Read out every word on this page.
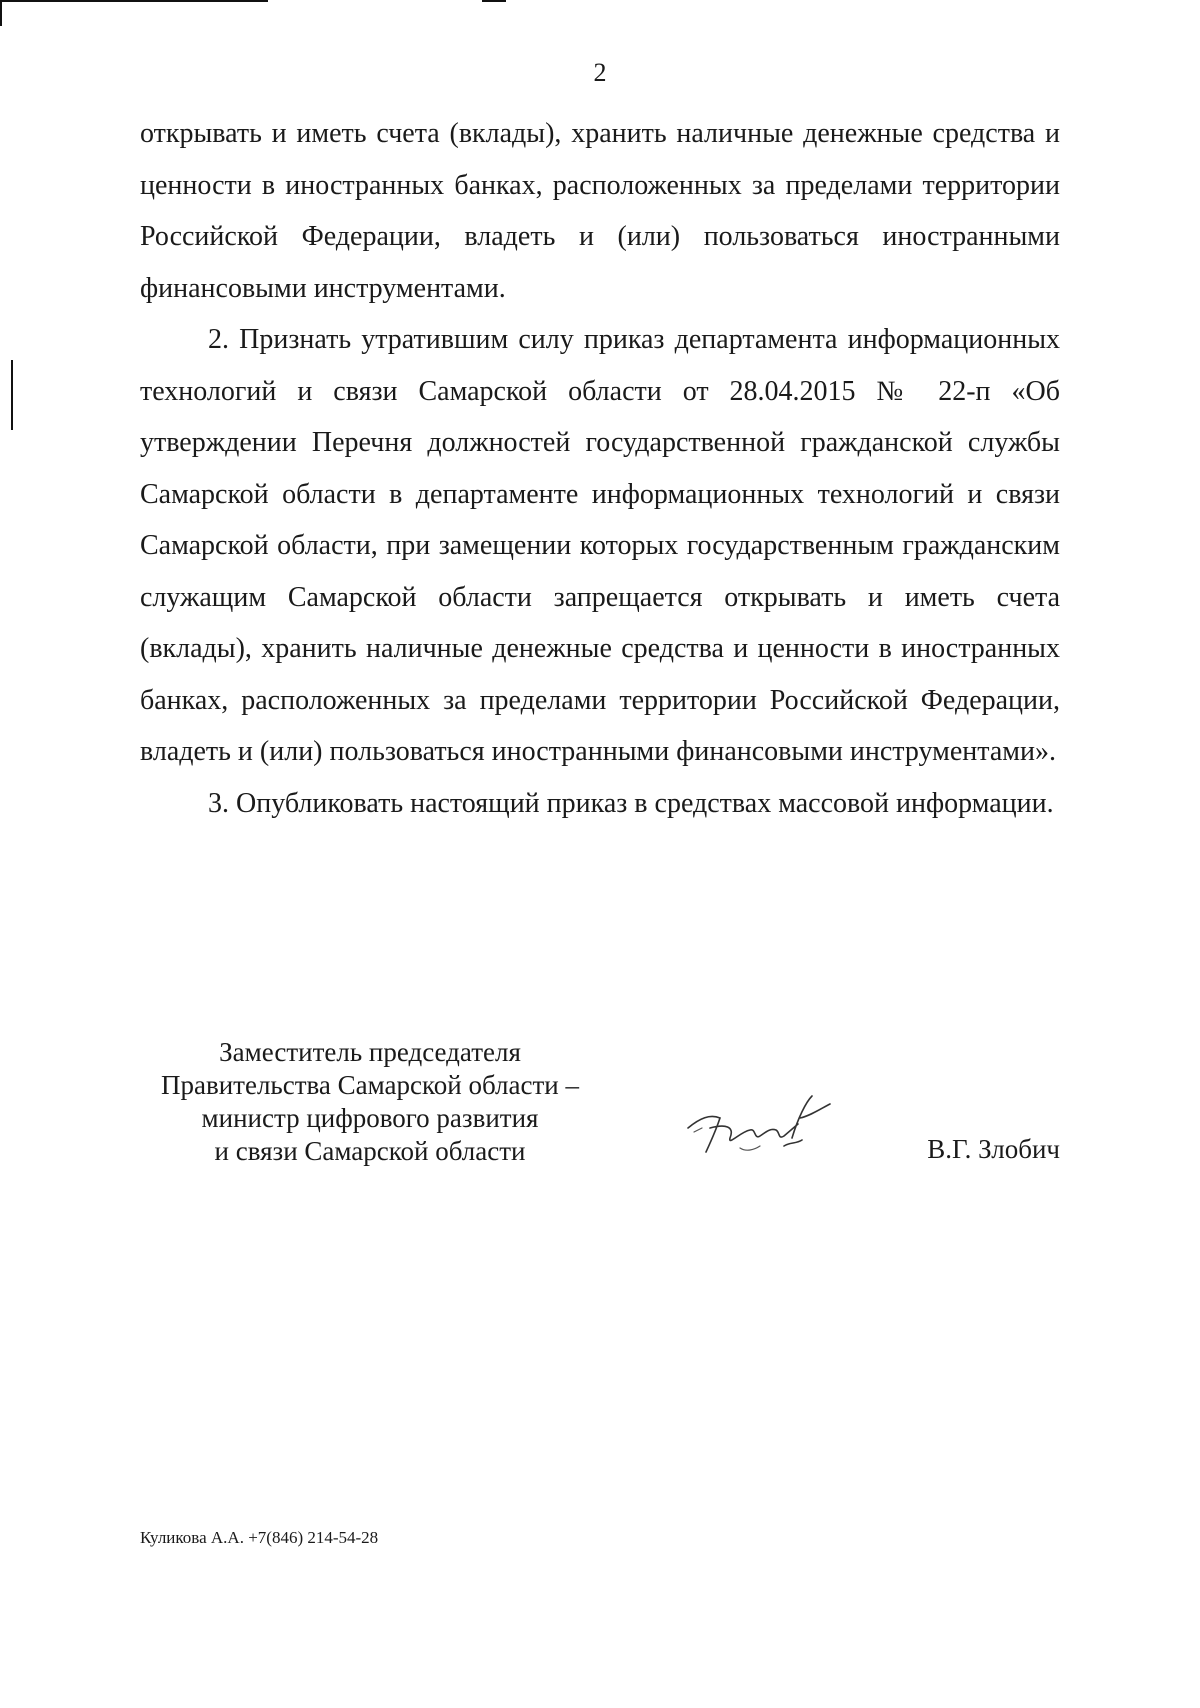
2

открывать и иметь счета (вклады), хранить наличные денежные средства и ценности в иностранных банках, расположенных за пределами территории Российской Федерации, владеть и (или) пользоваться иностранными финансовыми инструментами.

2. Признать утратившим силу приказ департамента информационных технологий и связи Самарской области от 28.04.2015 № 22-п «Об утверждении Перечня должностей государственной гражданской службы Самарской области в департаменте информационных технологий и связи Самарской области, при замещении которых государственным гражданским служащим Самарской области запрещается открывать и иметь счета (вклады), хранить наличные денежные средства и ценности в иностранных банках, расположенных за пределами территории Российской Федерации, владеть и (или) пользоваться иностранными финансовыми инструментами».

3. Опубликовать настоящий приказ в средствах массовой информации.

Заместитель председателя
Правительства Самарской области –
министр цифрового развития
и связи Самарской области	В.Г. Злобич
Куликова А.А. +7(846) 214-54-28
